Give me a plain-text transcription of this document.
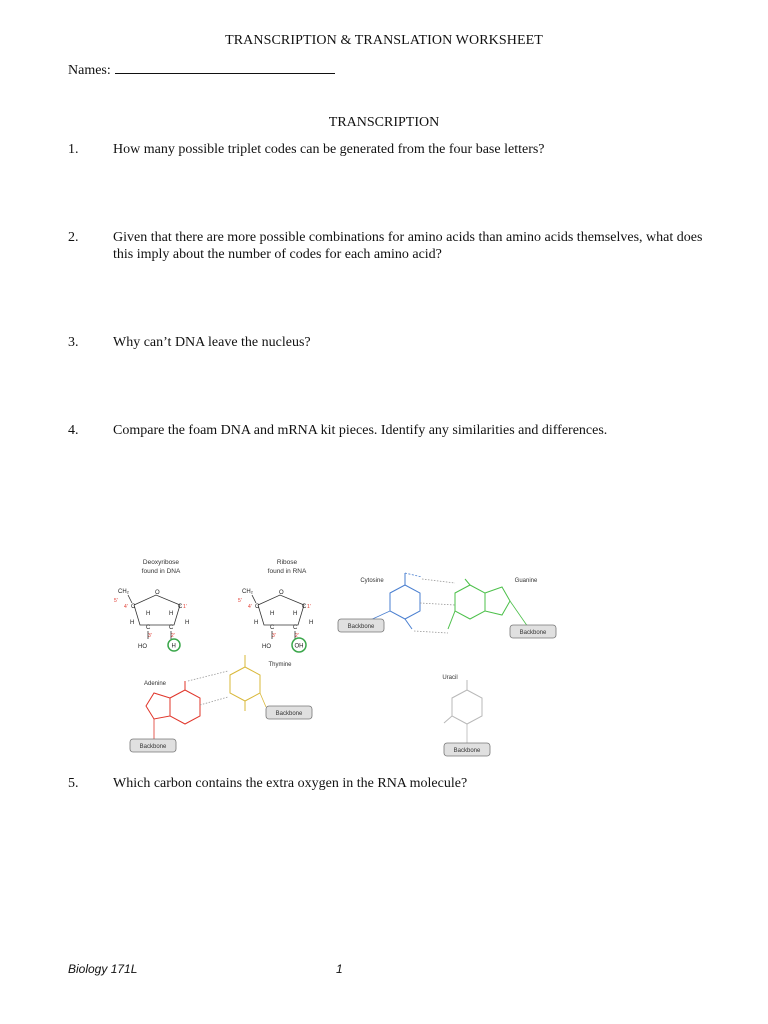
TRANSCRIPTION & TRANSLATION WORKSHEET
Names:
TRANSCRIPTION
1. How many possible triplet codes can be generated from the four base letters?
2. Given that there are more possible combinations for amino acids than amino acids themselves, what does this imply about the number of codes for each amino acid?
3. Why can’t DNA leave the nucleus?
4. Compare the foam DNA and mRNA kit pieces. Identify any similarities and differences.
Deoxyribose
found in DNA
CH₂
5'
O
C
4'	C 1'
H	H
H	H
C	C
3'	2'
HO	H
Ribose
found in RNA
CH₂
5'
O
C
4'	C 1'
H	H
H	H
C	C
3'	2'
HO	OH
Cytosine	Guanine
Backbone
Backbone
Adenine
Thymine
Backbone
Backbone
Uracil
Backbone
5. Which carbon contains the extra oxygen in the RNA molecule?
Biology 171L	1
